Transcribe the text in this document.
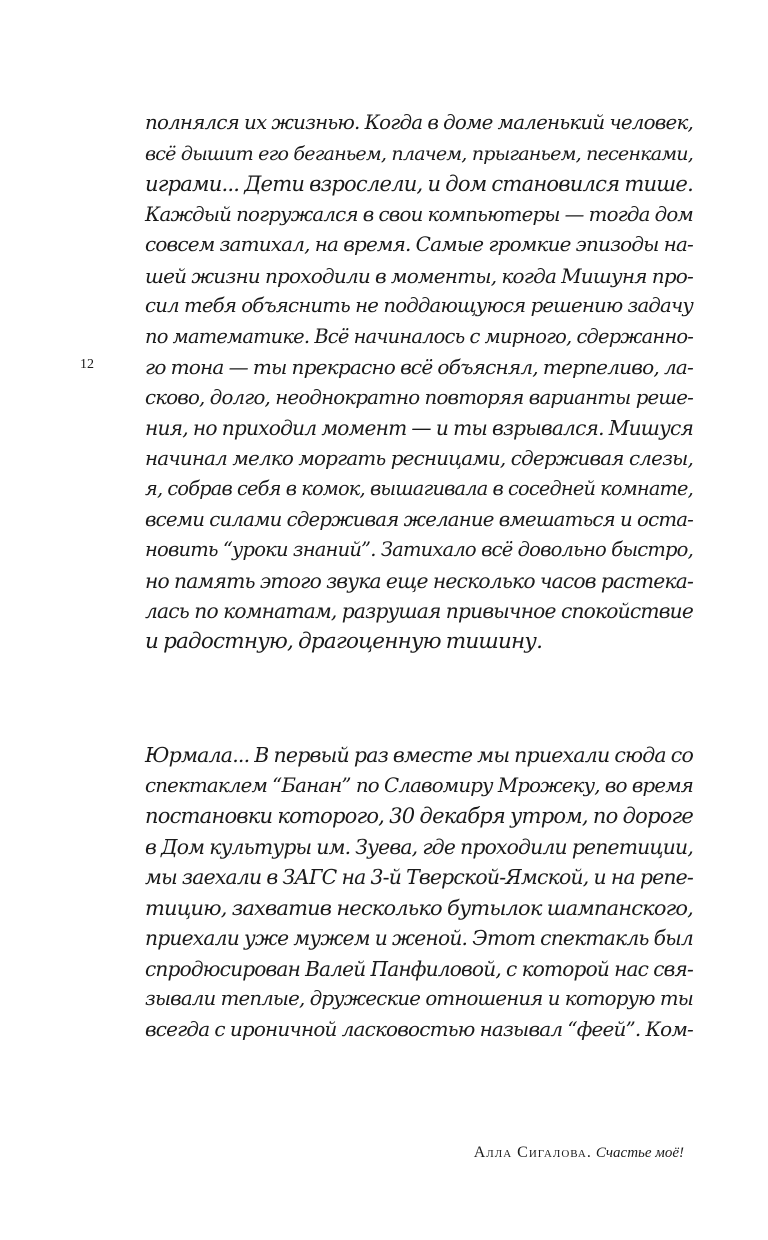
12
полнялся их жизнью. Когда в доме маленький человек,
всё дышит его беганьем, плачем, прыганьем, песенками,
играми... Дети взрослели, и дом становился тише.
Каждый погружался в свои компьютеры — тогда дом
совсем затихал, на время. Самые громкие эпизоды на-
шей жизни проходили в моменты, когда Мишуня про-
сил тебя объяснить не поддающуюся решению задачу
по математике. Всё начиналось с мирного, сдержанно-
го тона — ты прекрасно всё объяснял, терпеливо, ла-
сково, долго, неоднократно повторяя варианты реше-
ния, но приходил момент — и ты взрывался. Мишуся
начинал мелко моргать ресницами, сдерживая слезы,
я, собрав себя в комок, вышагивала в соседней комнате,
всеми силами сдерживая желание вмешаться и оста-
новить “уроки знаний”. Затихало всё довольно быстро,
но память этого звука еще несколько часов растека-
лась по комнатам, разрушая привычное спокойствие
и радостную, драгоценную тишину.
Юрмала... В первый раз вместе мы приехали сюда со
спектаклем “Банан” по Славомиру Мрожеку, во время
постановки которого, 30 декабря утром, по дороге
в Дом культуры им. Зуева, где проходили репетиции,
мы заехали в ЗАГС на 3-й Тверской-Ямской, и на репе-
тицию, захватив несколько бутылок шампанского,
приехали уже мужем и женой. Этот спектакль был
спродюсирован Валей Панфиловой, с которой нас свя-
зывали теплые, дружеские отношения и которую ты
всегда с ироничной ласковостью называл “феей”. Ком-
Алла Сигалова. Счастье моё!
